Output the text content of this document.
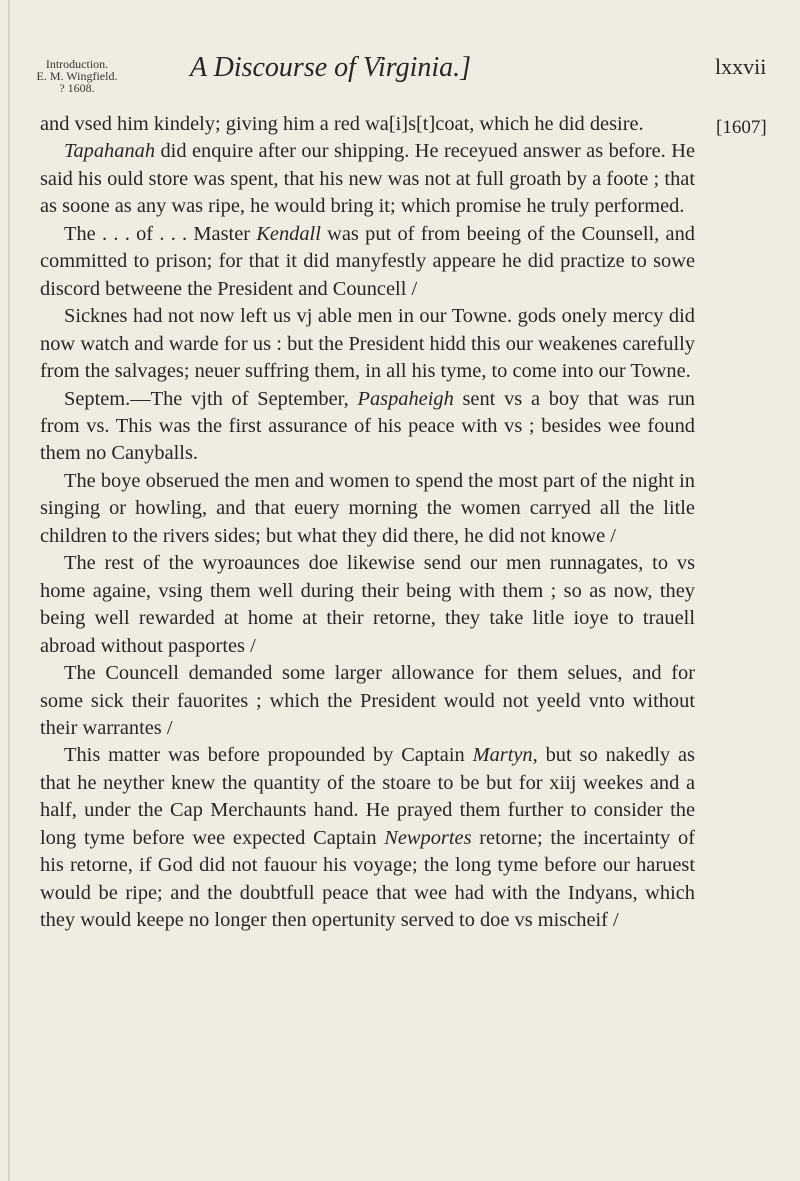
Introduction.
E. M. Wingfield.
? 1608.
A Discourse of Virginia.]	lxxvii
[1607]

and vsed him kindely; giving him a red wa[i]s[t]coat, which he did desire.

Tapahanah did enquire after our shipping. He receyued answer as before. He said his ould store was spent, that his new was not at full groath by a foote ; that as soone as any was ripe, he would bring it; which promise he truly performed.

The . . . of . . . Master Kendall was put of from beeing of the Counsell, and committed to prison; for that it did manyfestly appeare he did practize to sowe discord betweene the President and Councell /

Sicknes had not now left us vj able men in our Towne. gods onely mercy did now watch and warde for us : but the President hidd this our weakenes carefully from the salvages; neuer suffring them, in all his tyme, to come into our Towne.

Septem.—The vjth of September, Paspaheigh sent vs a boy that was run from vs. This was the first assurance of his peace with vs ; besides wee found them no Canyballs.

The boye obserued the men and women to spend the most part of the night in singing or howling, and that euery morning the women carryed all the litle children to the rivers sides; but what they did there, he did not knowe /

The rest of the wyroaunces doe likewise send our men runnagates, to vs home againe, vsing them well during their being with them ; so as now, they being well rewarded at home at their retorne, they take litle ioye to trauell abroad without pasportes /

The Councell demanded some larger allowance for them selues, and for some sick their fauorites ; which the President would not yeeld vnto without their warrantes /

This matter was before propounded by Captain Martyn, but so nakedly as that he neyther knew the quantity of the stoare to be but for xiij weekes and a half, under the Cap Merchaunts hand. He prayed them further to consider the long tyme before wee expected Captain Newportes retorne; the incertainty of his retorne, if God did not fauour his voyage; the long tyme before our haruest would be ripe; and the doubtfull peace that wee had with the Indyans, which they would keepe no longer then opertunity served to doe vs mischeif /
